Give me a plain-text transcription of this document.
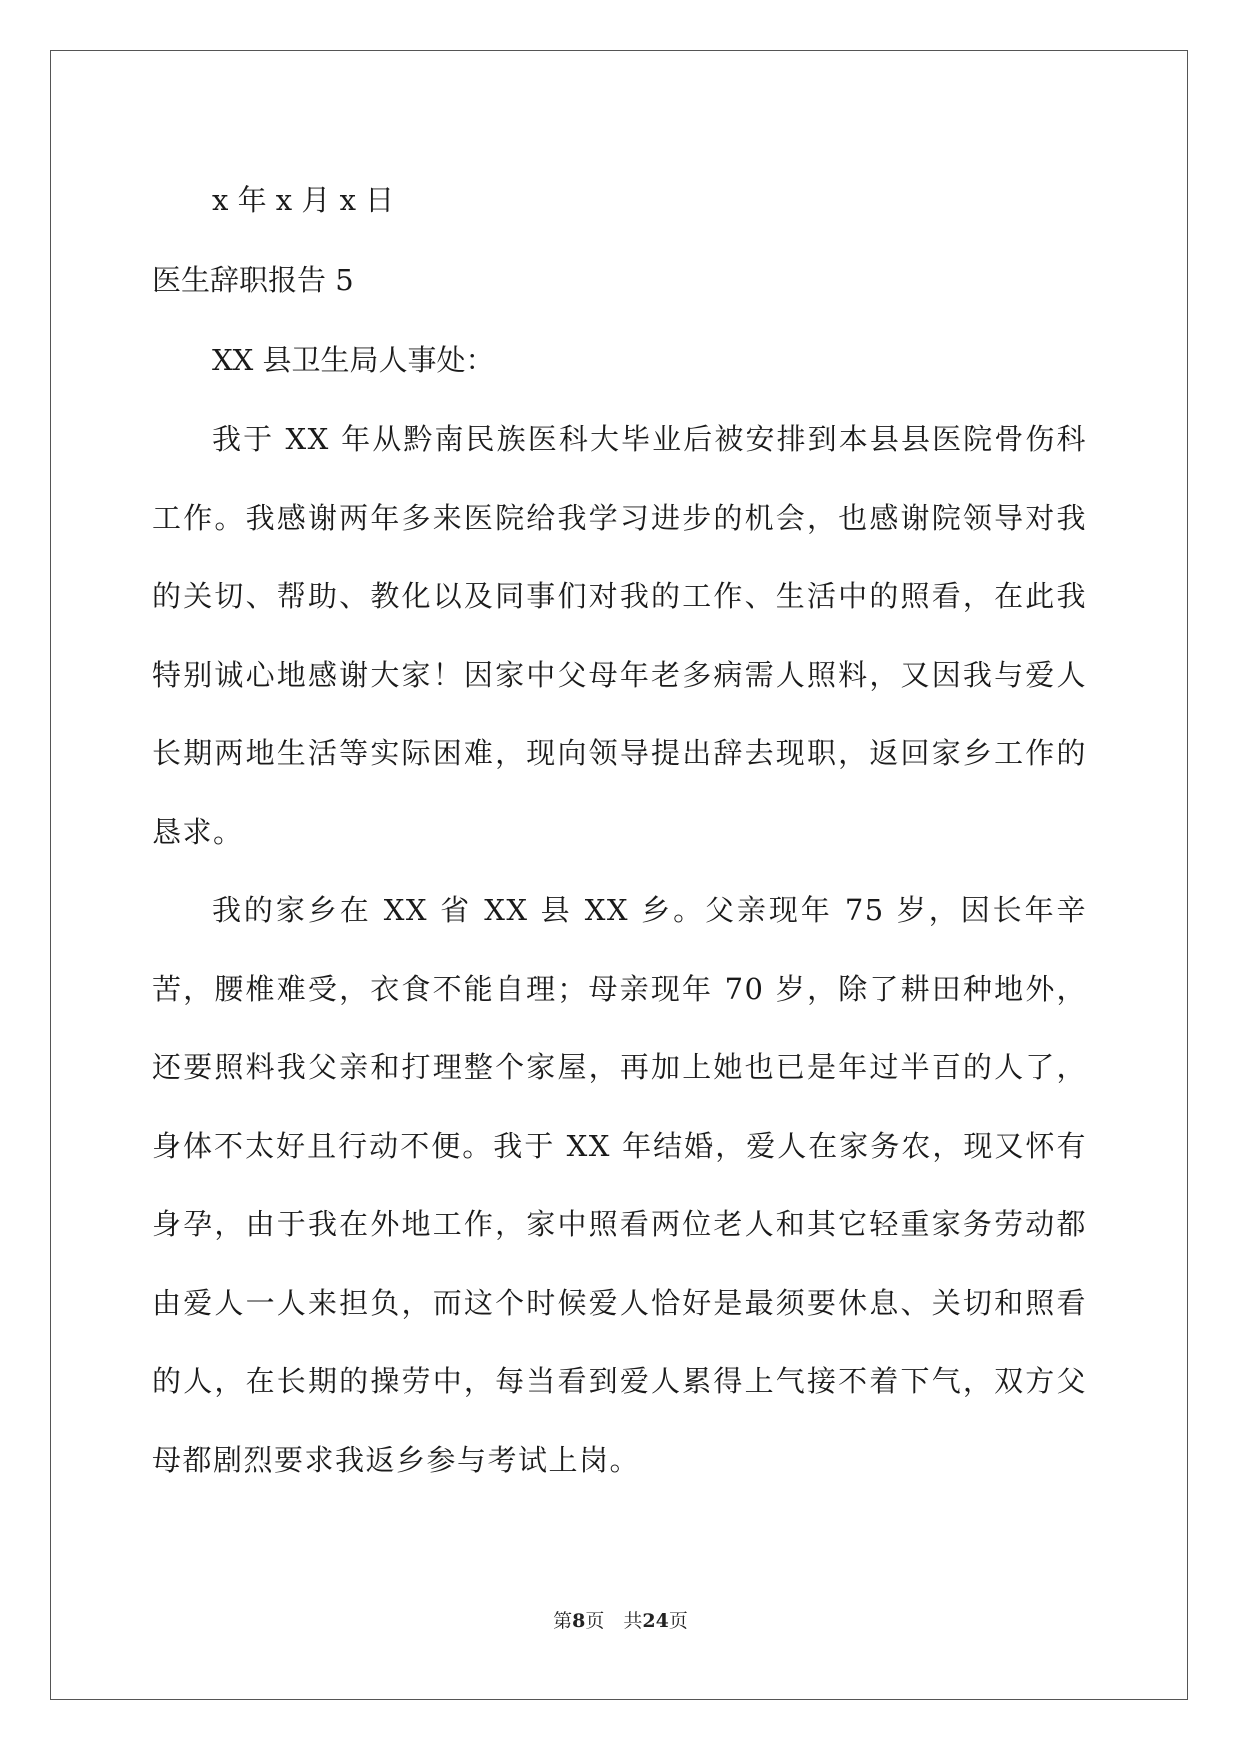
x 年 x 月 x 日

医生辞职报告 5

XX 县卫生局人事处：

我于 XX 年从黔南民族医科大毕业后被安排到本县县医院骨伤科工作。我感谢两年多来医院给我学习进步的机会，也感谢院领导对我的关切、帮助、教化以及同事们对我的工作、生活中的照看，在此我特别诚心地感谢大家！因家中父母年老多病需人照料，又因我与爱人长期两地生活等实际困难，现向领导提出辞去现职，返回家乡工作的恳求。

我的家乡在 XX 省 XX 县 XX 乡。父亲现年 75 岁，因长年辛苦，腰椎难受，衣食不能自理；母亲现年 70 岁，除了耕田种地外，还要照料我父亲和打理整个家屋，再加上她也已是年过半百的人了，身体不太好且行动不便。我于 XX 年结婚，爱人在家务农，现又怀有身孕，由于我在外地工作，家中照看两位老人和其它轻重家务劳动都由爱人一人来担负，而这个时候爱人恰好是最须要休息、关切和照看的人，在长期的操劳中，每当看到爱人累得上气接不着下气，双方父母都剧烈要求我返乡参与考试上岗。

第8页　共24页
